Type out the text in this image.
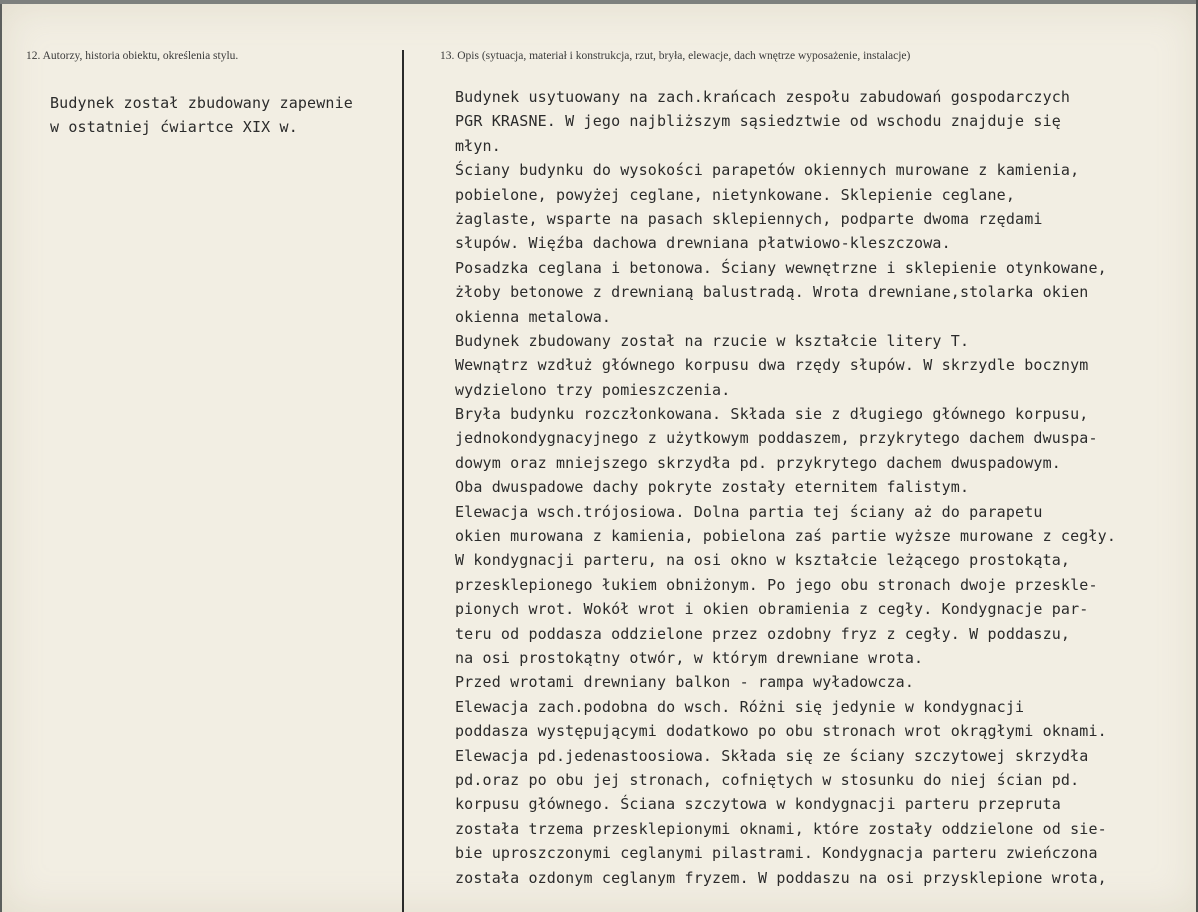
12. Autorzy, historia obiektu, określenia stylu.	13. Opis (sytuacja, materiał i konstrukcja, rzut, bryła, elewacje, dach wnętrze wyposażenie, instalacje)
Budynek został zbudowany zapewnie
w ostatniej ćwiartce XIX w.
Budynek usytuowany na zach.krańcach zespołu zabudowań gospodarczych
PGR KRASNE. W jego najbliższym sąsiedztwie od wschodu znajduje się
młyn.
Ściany budynku do wysokości parapetów okiennych murowane z kamienia,
pobielone, powyżej ceglane, nietynkowane. Sklepienie ceglane,
żaglaste, wsparte na pasach sklepiennych, podparte dwoma rzędami
słupów. Więźba dachowa drewniana płatwiowo-kleszczowa.
Posadzka ceglana i betonowa. Ściany wewnętrzne i sklepienie otynkowane,
żłoby betonowe z drewnianą balustradą. Wrota drewniane,stolarka okien
okienna metalowa.
Budynek zbudowany został na rzucie w kształcie litery T.
Wewnątrz wzdłuż głównego korpusu dwa rzędy słupów. W skrzydle bocznym
wydzielono trzy pomieszczenia.
Bryła budynku rozczłonkowana. Składa sie z długiego głównego korpusu,
jednokondygnacyjnego z użytkowym poddaszem, przykrytego dachem dwuspa-
dowym oraz mniejszego skrzydła pd. przykrytego dachem dwuspadowym.
Oba dwuspadowe dachy pokryte zostały eternitem falistym.
Elewacja wsch.trójosiowa. Dolna partia tej ściany aż do parapetu
okien murowana z kamienia, pobielona zaś partie wyższe murowane z cegły.
W kondygnacji parteru, na osi okno w kształcie leżącego prostokąta,
przesklepionego łukiem obniżonym. Po jego obu stronach dwoje przeskle-
pionych wrot. Wokół wrot i okien obramienia z cegły. Kondygnacje par-
teru od poddasza oddzielone przez ozdobny fryz z cegły. W poddaszu,
na osi prostokątny otwór, w którym drewniane wrota.
Przed wrotami drewniany balkon - rampa wyładowcza.
Elewacja zach.podobna do wsch. Różni się jedynie w kondygnacji
poddasza występującymi dodatkowo po obu stronach wrot okrągłymi oknami.
Elewacja pd.jedenastoosiowa. Składa się ze ściany szczytowej skrzydła
pd.oraz po obu jej stronach, cofniętych w stosunku do niej ścian pd.
korpusu głównego. Ściana szczytowa w kondygnacji parteru przepruta
została trzema przesklepionymi oknami, które zostały oddzielone od sie-
bie uproszczonymi ceglanymi pilastrami. Kondygnacja parteru zwieńczona
została ozdonym ceglanym fryzem. W poddaszu na osi przysklepione wrota,
